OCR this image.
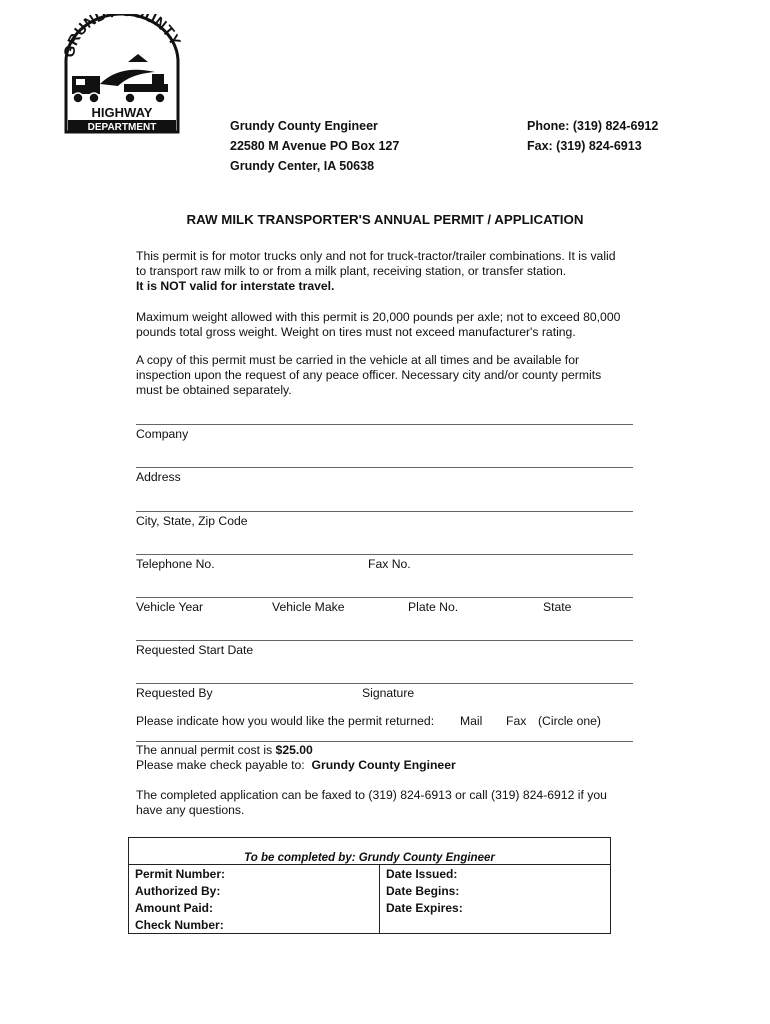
GRUND UNTY
HIGHWAY
DEPARTMENT	Grundy County Engineer
22580 M Avenue PO Box 127
Grundy Center, IA 50638
Phone: (319) 824-6912
Fax: (319) 824-6913
RAW MILK TRANSPORTER'S ANNUAL PERMIT / APPLICATION
This permit is for motor trucks only and not for truck-tractor/trailer combinations. It is valid
to transport raw milk to or from a milk plant, receiving station, or transfer station.
It is NOT valid for interstate travel.
Maximum weight allowed with this permit is 20,000 pounds per axle; not to exceed 80,000
pounds total gross weight. Weight on tires must not exceed manufacturer's rating.
A copy of this permit must be carried in the vehicle at all times and be available for
inspection upon the request of any peace officer. Necessary city and/or county permits
must be obtained separately.
Company
Address
City, State, Zip Code
Telephone No.	Fax No.
Vehicle Year	Vehicle Make	Plate No.	State
Requested Start Date
Requested By	Signature
Please indicate how you would like the permit returned: Mail Fax (Circle one)
The annual permit cost is $25.00
Please make check payable to: Grundy County Engineer
The completed application can be faxed to (319) 824-6913 or call (319) 824-6912 if you
have any questions.
To be completed by: Grundy County Engineer	
Permit Number:	Date Issued:
Authorized By:	Date Begins:
Amount Paid:	Date Expires:
Check Number:	
